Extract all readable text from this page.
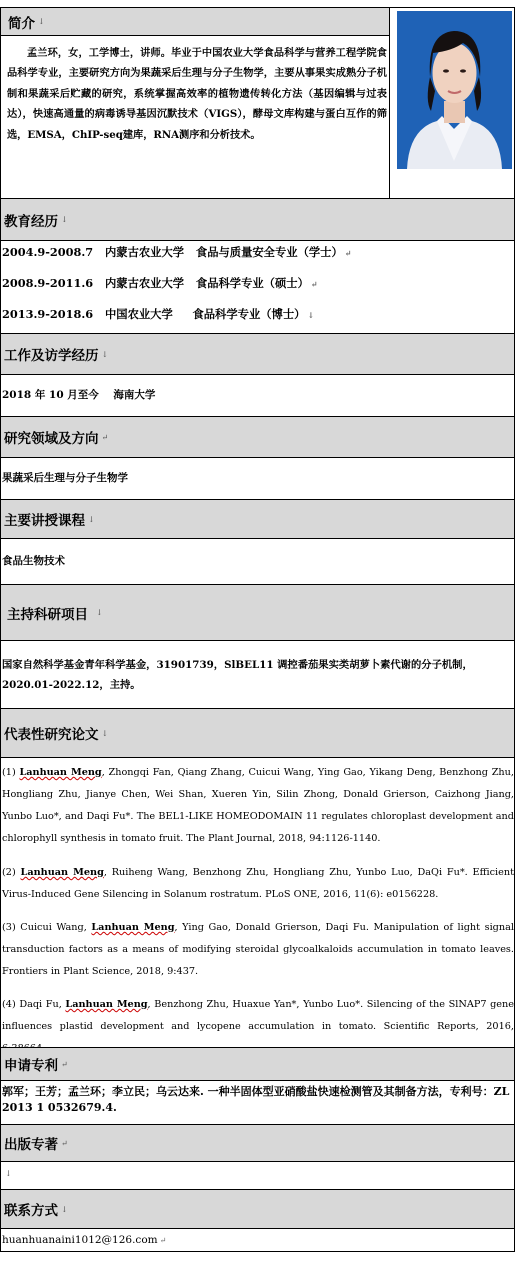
简介 ↓
孟兰环，女，工学博士，讲师。毕业于中国农业大学食品科学与营养工程学院食品科学专业，主要研究方向为果蔬采后生理与分子生物学，主要从事果实成熟分子机制和果蔬采后贮藏的研究，系统掌握高效率的植物遗传转化方法（基因编辑与过表达），快速高通量的病毒诱导基因沉默技术（VIGS），酵母文库构建与蛋白互作的筛选，EMSA，ChIP-seq建库，RNA测序和分析技术。
教育经历 ↓
2004.9-2008.7 内蒙古农业大学 食品与质量安全专业（学士） ↵
2008.9-2011.6 内蒙古农业大学 食品科学专业（硕士） ↵
2013.9-2018.6 中国农业大学 食品科学专业（博士） ↓
工作及访学经历 ↓
2018 年 10 月至今    海南大学
研究领域及方向 ↵
果蔬采后生理与分子生物学
主要讲授课程 ↓
食品生物技术
主持科研项目 ↓
国家自然科学基金青年科学基金，31901739，SlBEL11 调控番茄果实类胡萝卜素代谢的分子机制，2020.01-2022.12，主持。
代表性研究论文 ↓
(1) Lanhuan Meng, Zhongqi Fan, Qiang Zhang, Cuicui Wang, Ying Gao, Yikang Deng, Benzhong Zhu, Hongliang Zhu, Jianye Chen, Wei Shan, Xueren Yin, Silin Zhong, Donald Grierson, Caizhong Jiang, Yunbo Luo*, and Daqi Fu*. The BEL1-LIKE HOMEODOMAIN 11 regulates chloroplast development and chlorophyll synthesis in tomato fruit. The Plant Journal, 2018, 94:1126-1140.
(2) Lanhuan Meng, Ruiheng Wang, Benzhong Zhu, Hongliang Zhu, Yunbo Luo, DaQi Fu*. Efficient Virus-Induced Gene Silencing in Solanum rostratum. PLoS ONE, 2016, 11(6): e0156228.
(3) Cuicui Wang, Lanhuan Meng, Ying Gao, Donald Grierson, Daqi Fu. Manipulation of light signal transduction factors as a means of modifying steroidal glycoalkaloids accumulation in tomato leaves. Frontiers in Plant Science, 2018, 9:437.
(4) Daqi Fu, Lanhuan Meng, Benzhong Zhu, Huaxue Yan*, Yunbo Luo*. Silencing of the SlNAP7 gene influences plastid development and lycopene accumulation in tomato. Scientific Reports, 2016,
申请专利 ↵
郭军；王芳；孟兰环；李立民；乌云达来. 一种半固体型亚硝酸盐快速检测管及其制备方法，专利号：ZL 2013 1 0532679.4.
出版专著 ↵
↓
联系方式 ↓
huanhuanaini1012@126.com ↵
